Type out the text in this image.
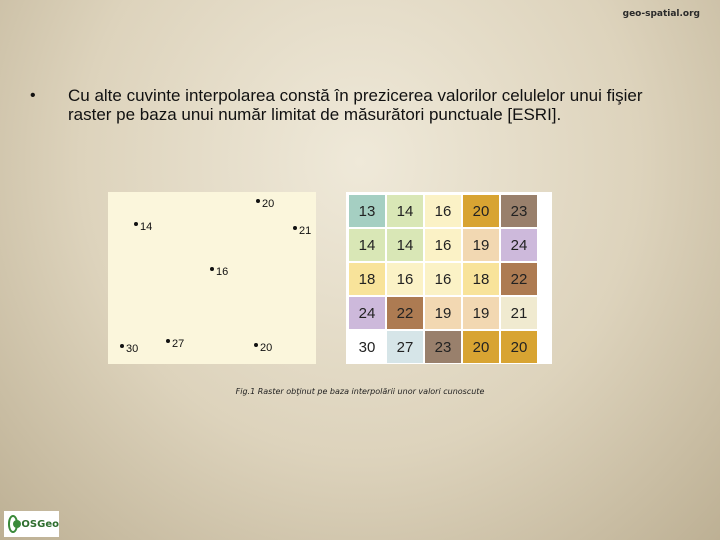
geo-spatial.org
•	Cu alte cuvinte interpolarea constă în prezicerea valorilor celulelor unui fişier raster pe baza unui număr limitat de măsurători punctuale [ESRI].
20
14	21
16
30	27	20
13	14	16	20	23
14	14	16	19	24
18	16	16	18	22
24	22	19	19	21
30	27	23	20	20
Fig.1 Raster obţinut pe baza interpolării unor valori cunoscute
OSGeo
